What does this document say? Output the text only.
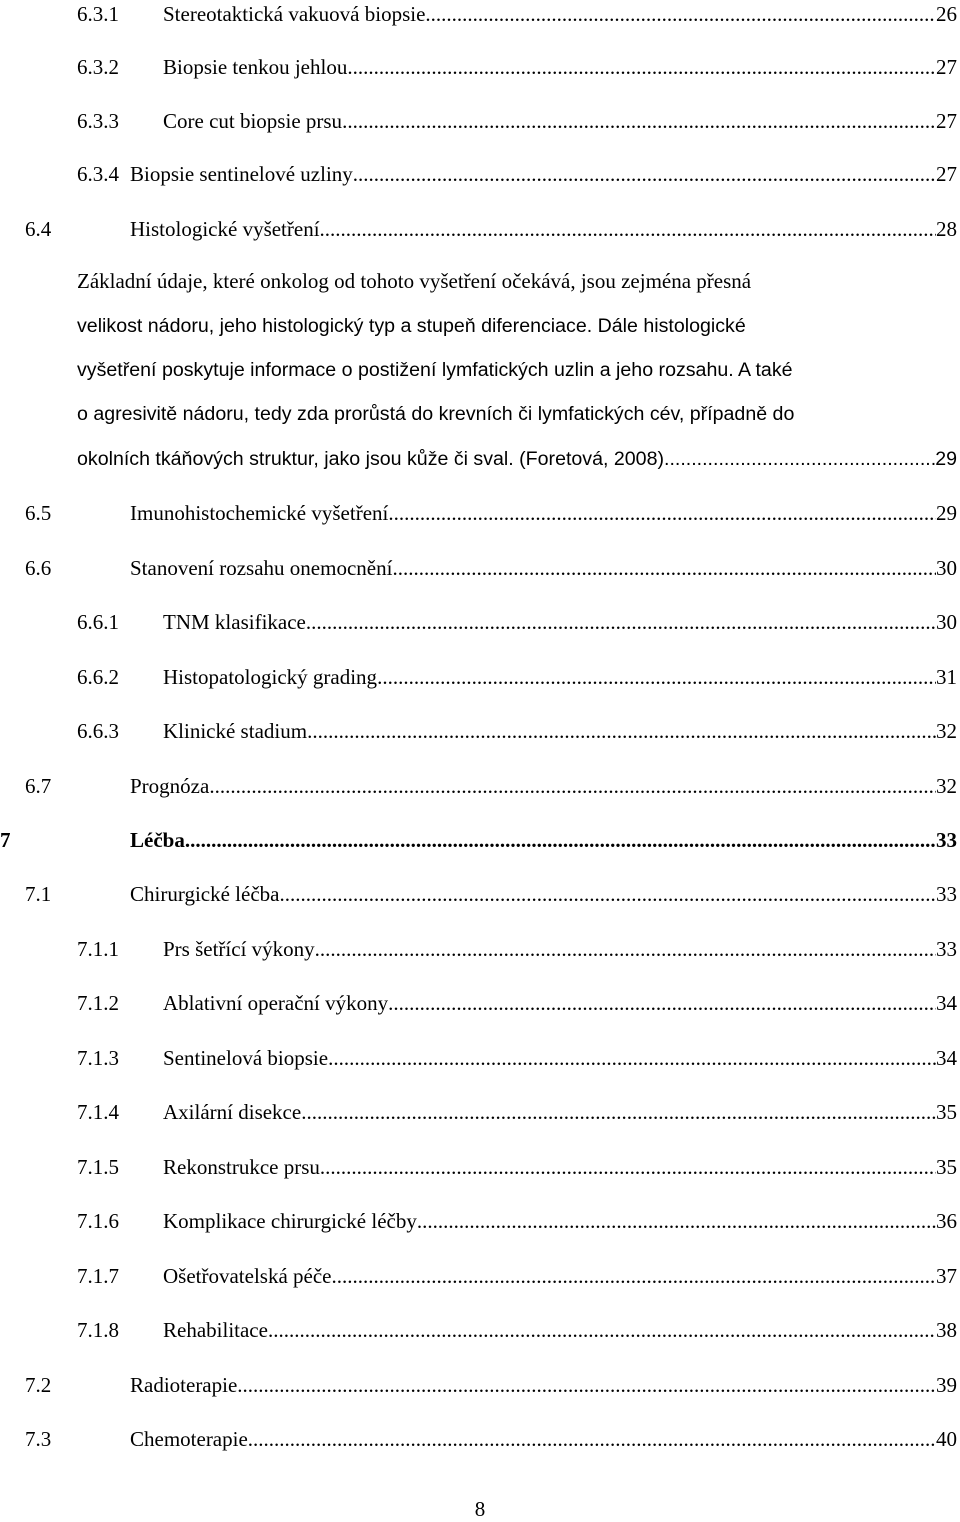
6.3.1 Stereotaktická vakuová biopsie .....	26
6.3.2 Biopsie tenkou jehlou .....	27
6.3.3 Core cut biopsie prsu .....	27
6.3.4 Biopsie sentinelové uzliny .....	27
6.4	Histologické vyšetření .....	28
Základní údaje, které onkolog od tohoto vyšetření očekává, jsou zejména přesná
velikost nádoru, jeho histologický typ a stupeň diferenciace. Dále histologické
vyšetření poskytuje informace o postižení lymfatických uzlin a jeho rozsahu. A také
o agresivitě nádoru, tedy zda prorůstá do krevních či lymfatických cév, případně do
okolních tkáňových struktur, jako jsou kůže či sval. (Foretová, 2008) .....	29
6.5	Imunohistochemické vyšetření .....	29
6.6	Stanovení rozsahu onemocnění .....	30
6.6.1 TNM klasifikace .....	30
6.6.2 Histopatologický grading .....	31
6.6.3 Klinické stadium .....	32
6.7	Prognóza .....	32
7	Léčba .....	33
7.1	Chirurgické léčba .....	33
7.1.1 Prs šetřící výkony .....	33
7.1.2 Ablativní operační výkony .....	34
7.1.3 Sentinelová biopsie .....	34
7.1.4 Axilární disekce .....	35
7.1.5 Rekonstrukce prsu .....	35
7.1.6 Komplikace chirurgické léčby .....	36
7.1.7 Ošetřovatelská péče .....	37
7.1.8 Rehabilitace .....	38
7.2	Radioterapie .....	39
7.3	Chemoterapie .....	40
8
